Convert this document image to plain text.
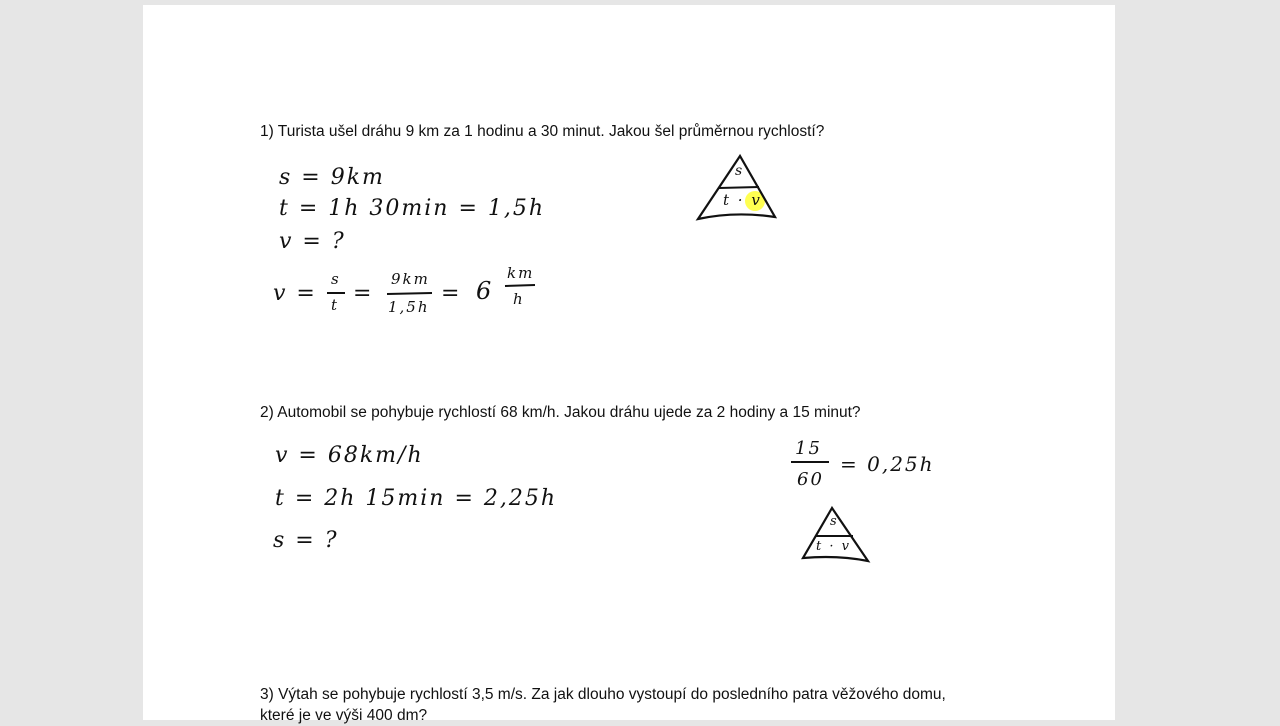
1) Turista ušel dráhu 9 km za 1 hodinu a 30 minut. Jakou šel průměrnou rychlostí?
s = 9km
t = 1h 30min = 1,5h
v = ?
v =
s
t =
9km
1,5h
= 6
km
h
s
t · v
2) Automobil se pohybuje rychlostí 68 km/h. Jakou dráhu ujede za 2 hodiny a 15 minut?
v = 68km/h
t = 2h 15min = 2,25h
s = ?
15
60
= 0,25h
s
t · v
3) Výtah se pohybuje rychlostí 3,5 m/s. Za jak dlouho vystoupí do posledního patra věžového domu,
které je ve výši 400 dm?
